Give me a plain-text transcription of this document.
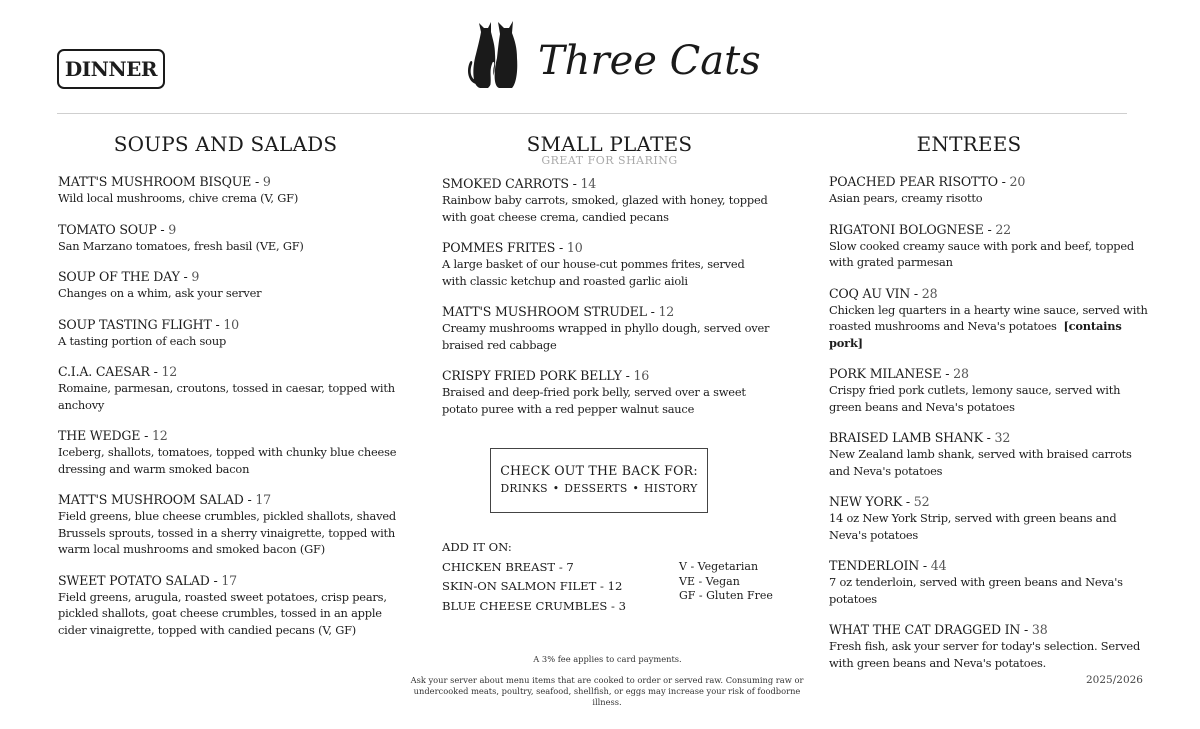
DINNER	Three Cats
SOUPS AND SALADS
MATT'S MUSHROOM BISQUE - 9
Wild local mushrooms, chive crema (V, GF)
TOMATO SOUP - 9
San Marzano tomatoes, fresh basil (VE, GF)
SOUP OF THE DAY - 9
Changes on a whim, ask your server
SOUP TASTING FLIGHT - 10
A tasting portion of each soup
C.I.A. CAESAR - 12
Romaine, parmesan, croutons, tossed in caesar, topped with anchovy
THE WEDGE - 12
Iceberg, shallots, tomatoes, topped with chunky blue cheese dressing and warm smoked bacon
MATT'S MUSHROOM SALAD - 17
Field greens, blue cheese crumbles, pickled shallots, shaved Brussels sprouts, tossed in a sherry vinaigrette, topped with warm local mushrooms and smoked bacon (GF)
SWEET POTATO SALAD - 17
Field greens, arugula, roasted sweet potatoes, crisp pears, pickled shallots, goat cheese crumbles, tossed in an apple cider vinaigrette, topped with candied pecans (V, GF)
SMALL PLATES
GREAT FOR SHARING
SMOKED CARROTS - 14
Rainbow baby carrots, smoked, glazed with honey, topped with goat cheese crema, candied pecans
POMMES FRITES - 10
A large basket of our house-cut pommes frites, served with classic ketchup and roasted garlic aioli
MATT'S MUSHROOM STRUDEL - 12
Creamy mushrooms wrapped in phyllo dough, served over braised red cabbage
CRISPY FRIED PORK BELLY - 16
Braised and deep-fried pork belly, served over a sweet potato puree with a red pepper walnut sauce
ENTREES
POACHED PEAR RISOTTO - 20
Asian pears, creamy risotto
RIGATONI BOLOGNESE - 22
Slow cooked creamy sauce with pork and beef, topped with grated parmesan
COQ AU VIN - 28
Chicken leg quarters in a hearty wine sauce, served with roasted mushrooms and Neva's potatoes [contains pork]
PORK MILANESE - 28
Crispy fried pork cutlets, lemony sauce, served with green beans and Neva's potatoes
BRAISED LAMB SHANK - 32
New Zealand lamb shank, served with braised carrots and Neva's potatoes
NEW YORK - 52
14 oz New York Strip, served with green beans and Neva's potatoes
TENDERLOIN - 44
7 oz tenderloin, served with green beans and Neva's potatoes
WHAT THE CAT DRAGGED IN - 38
Fresh fish, ask your server for today's selection. Served with green beans and Neva's potatoes.
CHECK OUT THE BACK FOR:
DRINKS • DESSERTS • HISTORY
ADD IT ON:
CHICKEN BREAST - 7
SKIN-ON SALMON FILET - 12
BLUE CHEESE CRUMBLES - 3
V - Vegetarian
VE - Vegan
GF - Gluten Free
A 3% fee applies to card payments.
Ask your server about menu items that are cooked to order or served raw. Consuming raw or undercooked meats, poultry, seafood, shellfish, or eggs may increase your risk of foodborne illness.
2025/2026
